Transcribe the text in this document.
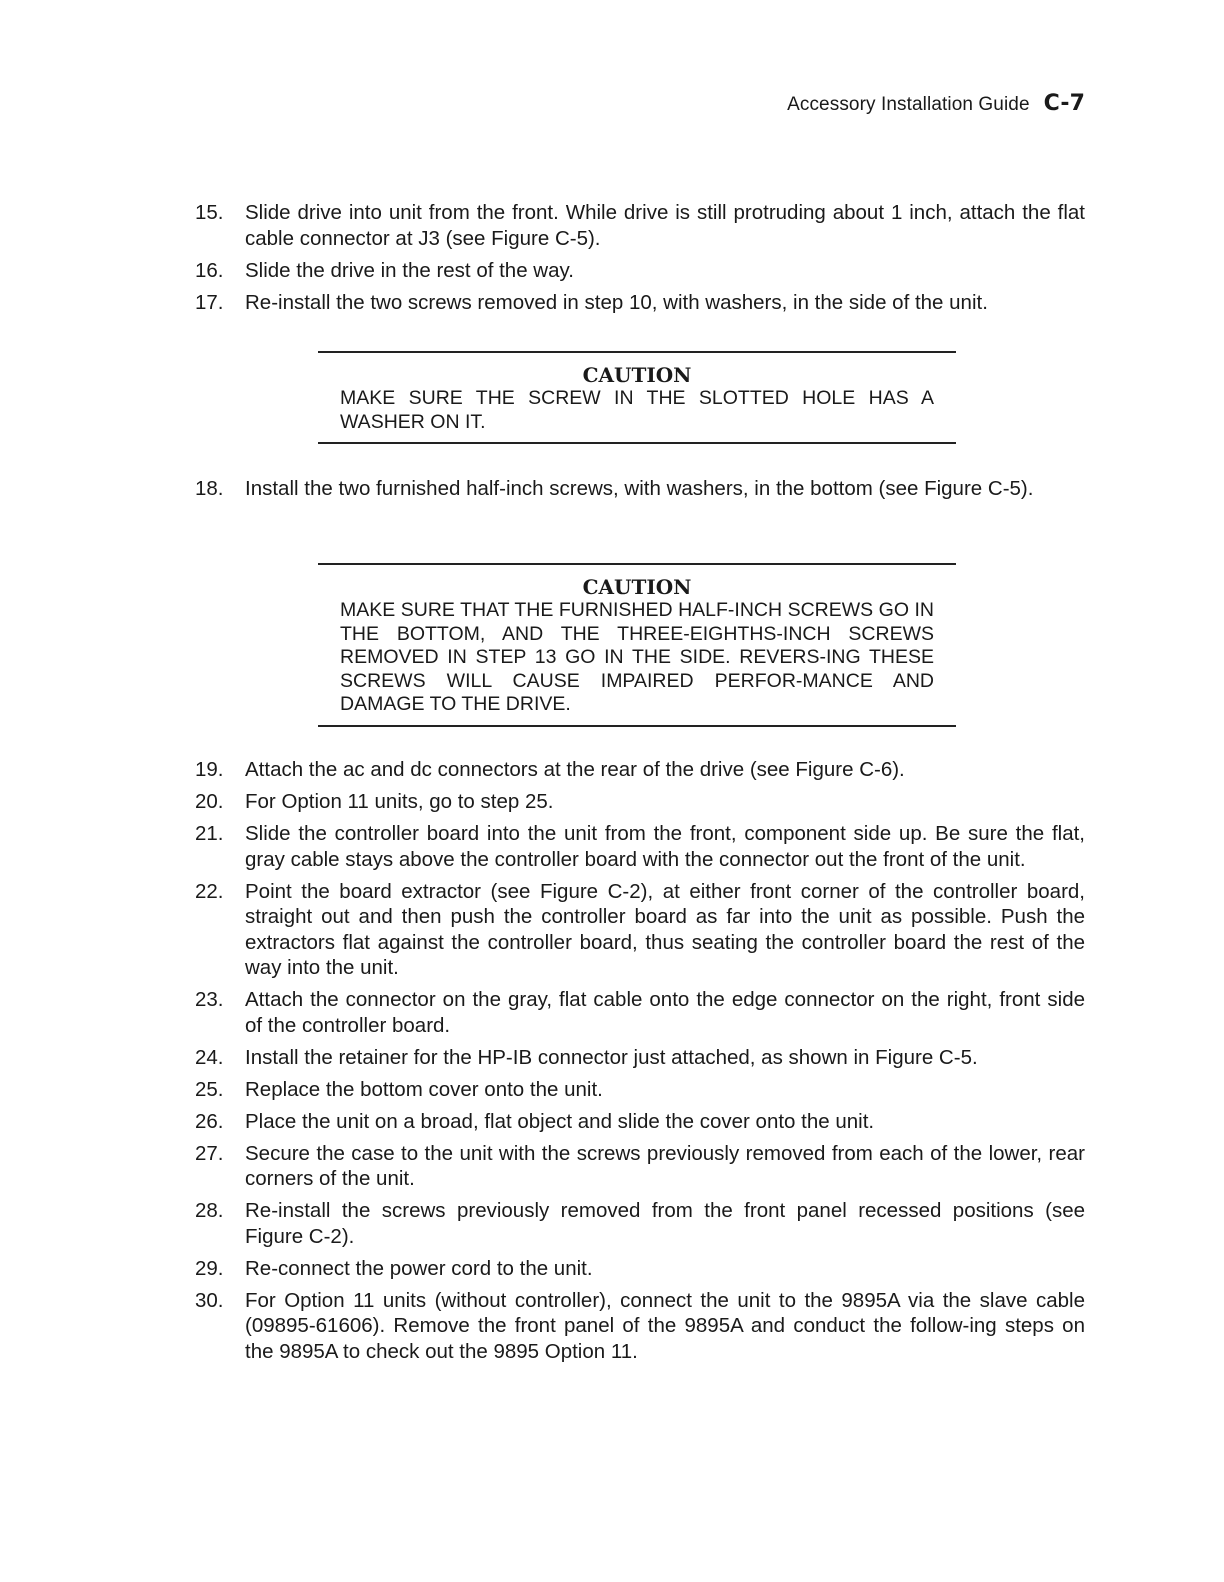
Accessory Installation Guide C-7
15. Slide drive into unit from the front. While drive is still protruding about 1 inch, attach the flat cable connector at J3 (see Figure C-5).
16. Slide the drive in the rest of the way.
17. Re-install the two screws removed in step 10, with washers, in the side of the unit.
CAUTION
MAKE SURE THE SCREW IN THE SLOTTED HOLE HAS A WASHER ON IT.
18. Install the two furnished half-inch screws, with washers, in the bottom (see Figure C-5).
CAUTION
MAKE SURE THAT THE FURNISHED HALF-INCH SCREWS GO IN THE BOTTOM, AND THE THREE-EIGHTHS-INCH SCREWS REMOVED IN STEP 13 GO IN THE SIDE. REVERS-ING THESE SCREWS WILL CAUSE IMPAIRED PERFOR-MANCE AND DAMAGE TO THE DRIVE.
19. Attach the ac and dc connectors at the rear of the drive (see Figure C-6).
20. For Option 11 units, go to step 25.
21. Slide the controller board into the unit from the front, component side up. Be sure the flat, gray cable stays above the controller board with the connector out the front of the unit.
22. Point the board extractor (see Figure C-2), at either front corner of the controller board, straight out and then push the controller board as far into the unit as possible. Push the extractors flat against the controller board, thus seating the controller board the rest of the way into the unit.
23. Attach the connector on the gray, flat cable onto the edge connector on the right, front side of the controller board.
24. Install the retainer for the HP-IB connector just attached, as shown in Figure C-5.
25. Replace the bottom cover onto the unit.
26. Place the unit on a broad, flat object and slide the cover onto the unit.
27. Secure the case to the unit with the screws previously removed from each of the lower, rear corners of the unit.
28. Re-install the screws previously removed from the front panel recessed positions (see Figure C-2).
29. Re-connect the power cord to the unit.
30. For Option 11 units (without controller), connect the unit to the 9895A via the slave cable (09895-61606). Remove the front panel of the 9895A and conduct the follow-ing steps on the 9895A to check out the 9895 Option 11.
